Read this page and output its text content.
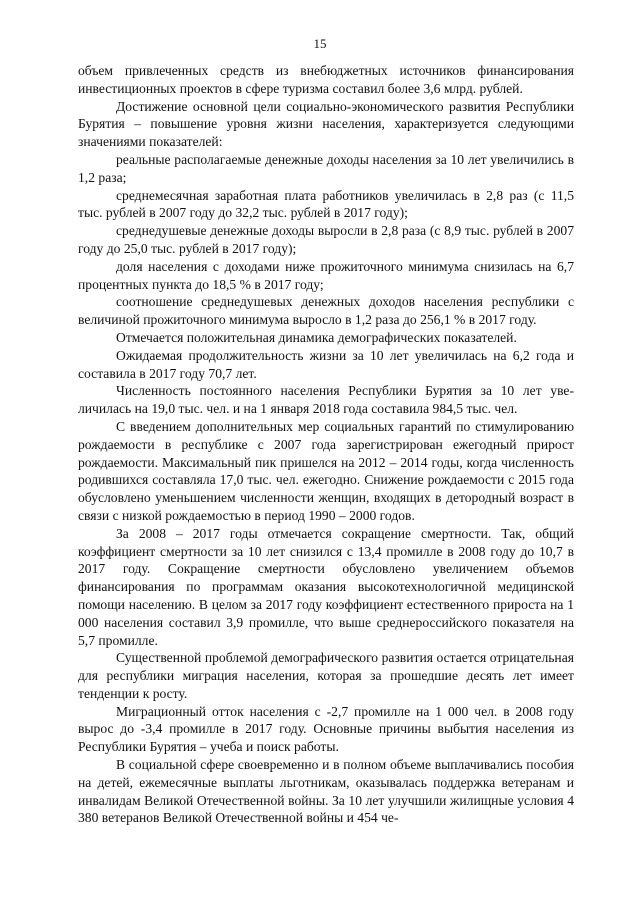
15

объем привлеченных средств из внебюджетных источников финансирования инвестиционных проектов в сфере туризма составил более 3,6 млрд. рублей.

Достижение основной цели социально-экономического развития Республики Бурятия – повышение уровня жизни населения, характеризуется следующими значениями показателей:

реальные располагаемые денежные доходы населения за 10 лет увеличились в 1,2 раза;

среднемесячная заработная плата работников увеличилась в 2,8 раз (с 11,5 тыс. рублей в 2007 году до 32,2 тыс. рублей в 2017 году);

среднедушевые денежные доходы выросли в 2,8 раза (с 8,9 тыс. рублей в 2007 году до 25,0 тыс. рублей в 2017 году);

доля населения с доходами ниже прожиточного минимума снизилась на 6,7 процентных пункта до 18,5 % в 2017 году;

соотношение среднедушевых денежных доходов населения республики с величиной прожиточного минимума выросло в 1,2 раза до 256,1 % в 2017 году.

Отмечается положительная динамика демографических показателей.

Ожидаемая продолжительность жизни за 10 лет увеличилась на 6,2 года и составила в 2017 году 70,7 лет.

Численность постоянного населения Республики Бурятия за 10 лет увеличилась на 19,0 тыс. чел. и на 1 января 2018 года составила 984,5 тыс. чел.

С введением дополнительных мер социальных гарантий по стимулированию рождаемости в республике с 2007 года зарегистрирован ежегодный прирост рождаемости. Максимальный пик пришелся на 2012 – 2014 годы, когда численность родившихся составляла 17,0 тыс. чел. ежегодно. Снижение рождаемости с 2015 года обусловлено уменьшением численности женщин, входящих в детородный возраст в связи с низкой рождаемостью в период 1990 – 2000 годов.

За 2008 – 2017 годы отмечается сокращение смертности. Так, общий коэффициент смертности за 10 лет снизился с 13,4 промилле в 2008 году до 10,7 в 2017 году. Сокращение смертности обусловлено увеличением объемов финансирования по программам оказания высокотехнологичной медицинской помощи населению. В целом за 2017 году коэффициент естественного прироста на 1 000 населения составил 3,9 промилле, что выше среднероссийского показателя на 5,7 промилле.

Существенной проблемой демографического развития остается отрицательная для республики миграция населения, которая за прошедшие десять лет имеет тенденции к росту.

Миграционный отток населения с -2,7 промилле на 1 000 чел. в 2008 году вырос до -3,4 промилле в 2017 году. Основные причины выбытия населения из Республики Бурятия – учеба и поиск работы.

В социальной сфере своевременно и в полном объеме выплачивались пособия на детей, ежемесячные выплаты льготникам, оказывалась поддержка ветеранам и инвалидам Великой Отечественной войны. За 10 лет улучшили жилищные условия 4 380 ветеранов Великой Отечественной войны и 454 че-
